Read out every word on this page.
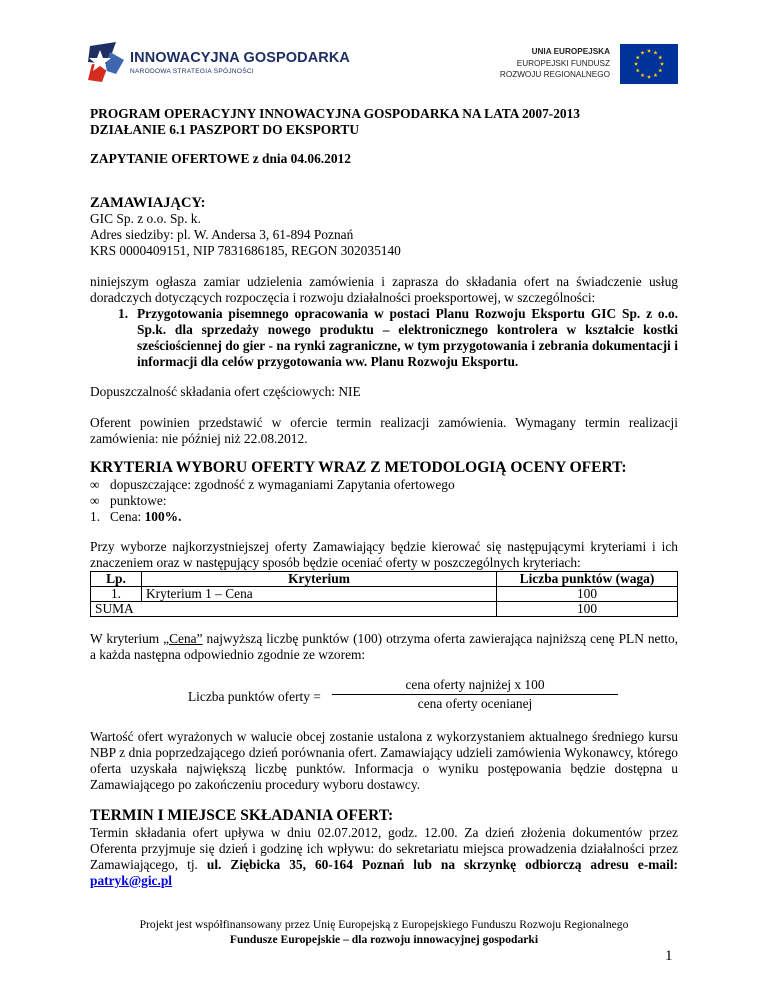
INNOWACYJNA GOSPODARKA
NARODOWA STRATEGIA SPÓJNOŚCI
UNIA EUROPEJSKA
EUROPEJSKI FUNDUSZ
ROZWOJU REGIONALNEGO

PROGRAM OPERACYJNY INNOWACYJNA GOSPODARKA NA LATA 2007-2013

DZIAŁANIE 6.1 PASZPORT DO EKSPORTU

ZAPYTANIE OFERTOWE z dnia 04.06.2012

ZAMAWIAJĄCY:

GIC Sp. z o.o. Sp. k.

Adres siedziby: pl. W. Andersa 3, 61-894 Poznań

KRS 0000409151, NIP 7831686185, REGON 302035140

niniejszym ogłasza zamiar udzielenia zamówienia i zaprasza do składania ofert na świadczenie usług doradczych dotyczących rozpoczęcia i rozwoju działalności proeksportowej, w szczególności:

1. Przygotowania pisemnego opracowania w postaci Planu Rozwoju Eksportu GIC Sp. z o.o. Sp.k. dla sprzedaży nowego produktu – elektronicznego kontrolera w kształcie kostki sześciościennej do gier - na rynki zagraniczne, w tym przygotowania i zebrania dokumentacji i informacji dla celów przygotowania ww. Planu Rozwoju Eksportu.

Dopuszczalność składania ofert częściowych: NIE

Oferent powinien przedstawić w ofercie termin realizacji zamówienia. Wymagany termin realizacji zamówienia: nie później niż 22.08.2012.

KRYTERIA WYBORU OFERTY WRAZ Z METODOLOGIĄ OCENY OFERT:
∞ dopuszczające: zgodność z wymaganiami Zapytania ofertowego
∞ punktowe:
1. Cena: 100%.

Przy wyborze najkorzystniejszej oferty Zamawiający będzie kierować się następującymi kryteriami i ich znaczeniem oraz w następujący sposób będzie oceniać oferty w poszczególnych kryteriach:

Lp.	Kryterium	Liczba punktów (waga)
1.	Kryterium 1 – Cena	100
SUMA		100

W kryterium „Cena” najwyższą liczbę punktów (100) otrzyma oferta zawierająca najniższą cenę PLN netto, a każda następna odpowiednio zgodnie ze wzorem:

Liczba punktów oferty =
cena oferty najniżej x 100
cena oferty ocenianej

Wartość ofert wyrażonych w walucie obcej zostanie ustalona z wykorzystaniem aktualnego średniego kursu NBP z dnia poprzedzającego dzień porównania ofert. Zamawiający udzieli zamówienia Wykonawcy, którego oferta uzyskała największą liczbę punktów. Informacja o wyniku postępowania będzie dostępna u Zamawiającego po zakończeniu procedury wyboru dostawcy.

TERMIN I MIEJSCE SKŁADANIA OFERT:

Termin składania ofert upływa w dniu 02.07.2012, godz. 12.00. Za dzień złożenia dokumentów przez Oferenta przyjmuje się dzień i godzinę ich wpływu: do sekretariatu miejsca prowadzenia działalności przez Zamawiającego, tj. ul. Ziębicka 35, 60-164 Poznań lub na skrzynkę odbiorczą adresu e-mail: patryk@gic.pl

Projekt jest współfinansowany przez Unię Europejską z Europejskiego Funduszu Rozwoju Regionalnego
Fundusze Europejskie – dla rozwoju innowacyjnej gospodarki
1
